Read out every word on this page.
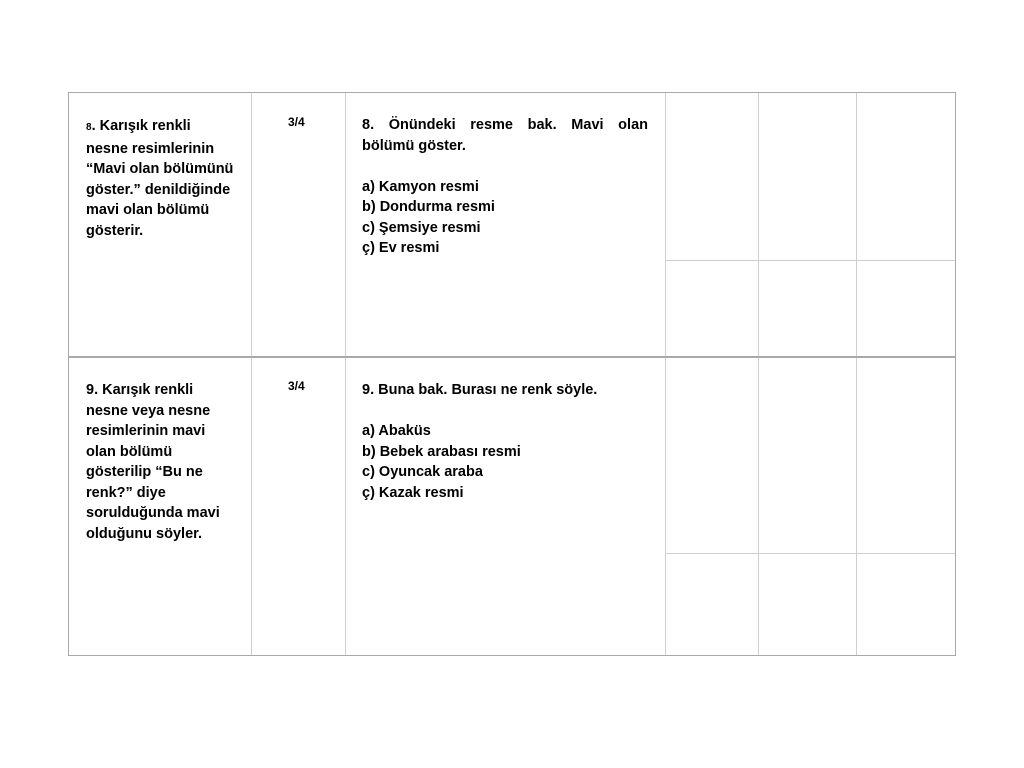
8. Karışık renkli nesne resimlerinin “Mavi olan bölümünü göster.” denildiğinde mavi olan bölümü gösterir.
3/4	8. Önündeki resme bak. Mavi olan

bölümü göster.

a) Kamyon resmi

b) Dondurma resmi

c) Şemsiye resmi

ç) Ev resmi

9. Karışık renkli nesne veya nesne resimlerinin mavi olan bölümü gösterilip “Bu ne renk?” diye sorulduğunda mavi olduğunu söyler.
3/4	9. Buna bak. Burası ne renk söyle.

a) Abaküs

b) Bebek arabası resmi

c) Oyuncak araba

ç) Kazak resmi
